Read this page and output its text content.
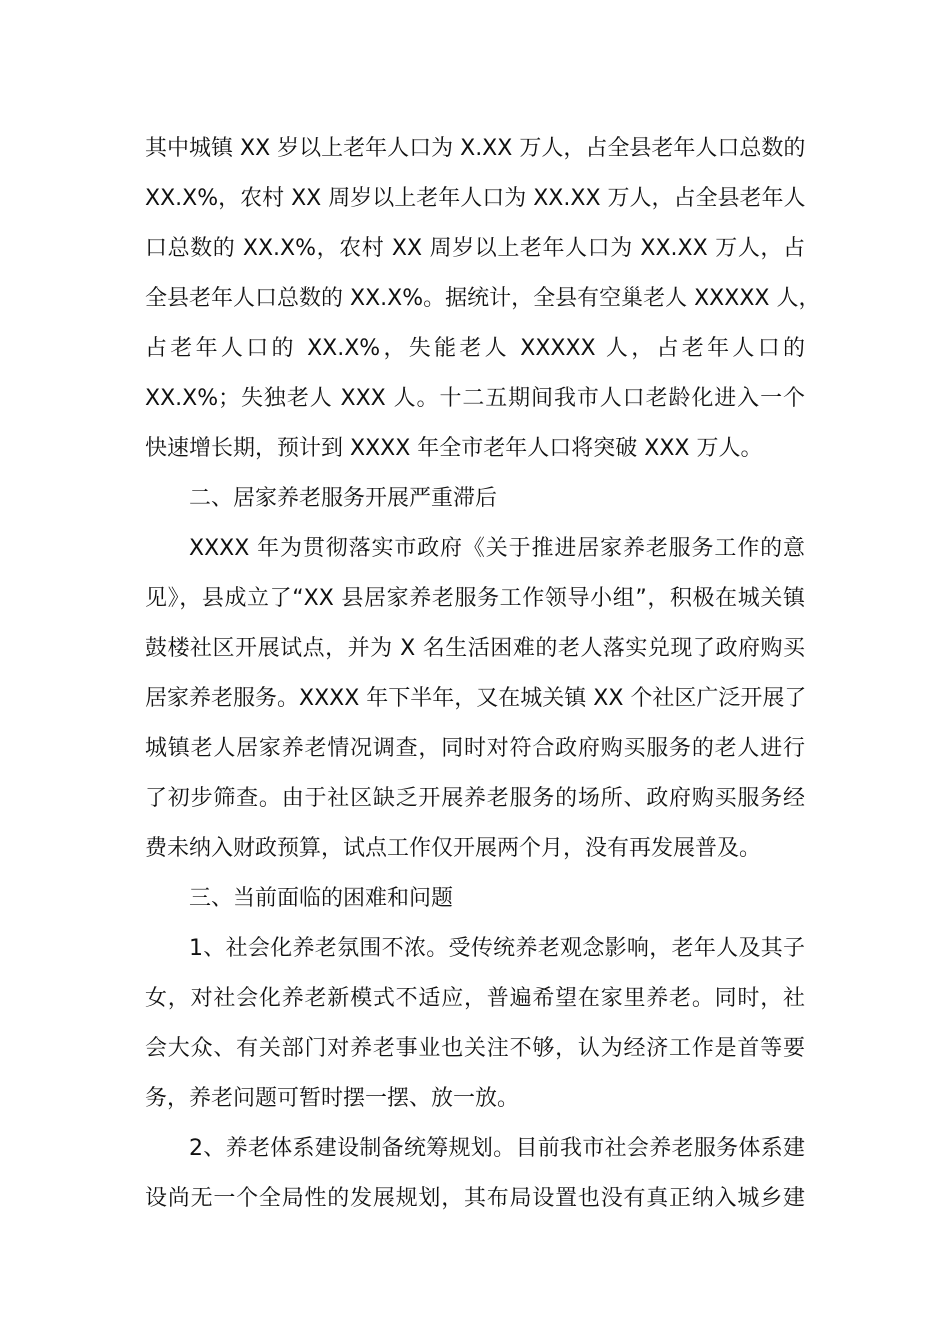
其中城镇 XX 岁以上老年人口为 X.XX 万人，占全县老年人口总数的
XX.X%，农村 XX 周岁以上老年人口为 XX.XX 万人，占全县老年人
口总数的 XX.X%，农村 XX 周岁以上老年人口为 XX.XX 万人，占
全县老年人口总数的 XX.X%。据统计，全县有空巢老人 XXXXX 人，
占老年人口的 XX.X%，失能老人 XXXXX 人，占老年人口的
XX.X%；失独老人 XXX 人。十二五期间我市人口老龄化进入一个
快速增长期，预计到 XXXX 年全市老年人口将突破 XXX 万人。
二、居家养老服务开展严重滞后
XXXX 年为贯彻落实市政府《关于推进居家养老服务工作的意
见》，县成立了“XX 县居家养老服务工作领导小组”，积极在城关镇
鼓楼社区开展试点，并为 X 名生活困难的老人落实兑现了政府购买
居家养老服务。XXXX 年下半年，又在城关镇 XX 个社区广泛开展了
城镇老人居家养老情况调查，同时对符合政府购买服务的老人进行
了初步筛查。由于社区缺乏开展养老服务的场所、政府购买服务经
费未纳入财政预算，试点工作仅开展两个月，没有再发展普及。
三、当前面临的困难和问题
1、社会化养老氛围不浓。受传统养老观念影响，老年人及其子
女，对社会化养老新模式不适应，普遍希望在家里养老。同时，社
会大众、有关部门对养老事业也关注不够，认为经济工作是首等要
务，养老问题可暂时摆一摆、放一放。
2、养老体系建设制备统筹规划。目前我市社会养老服务体系建
设尚无一个全局性的发展规划，其布局设置也没有真正纳入城乡建
